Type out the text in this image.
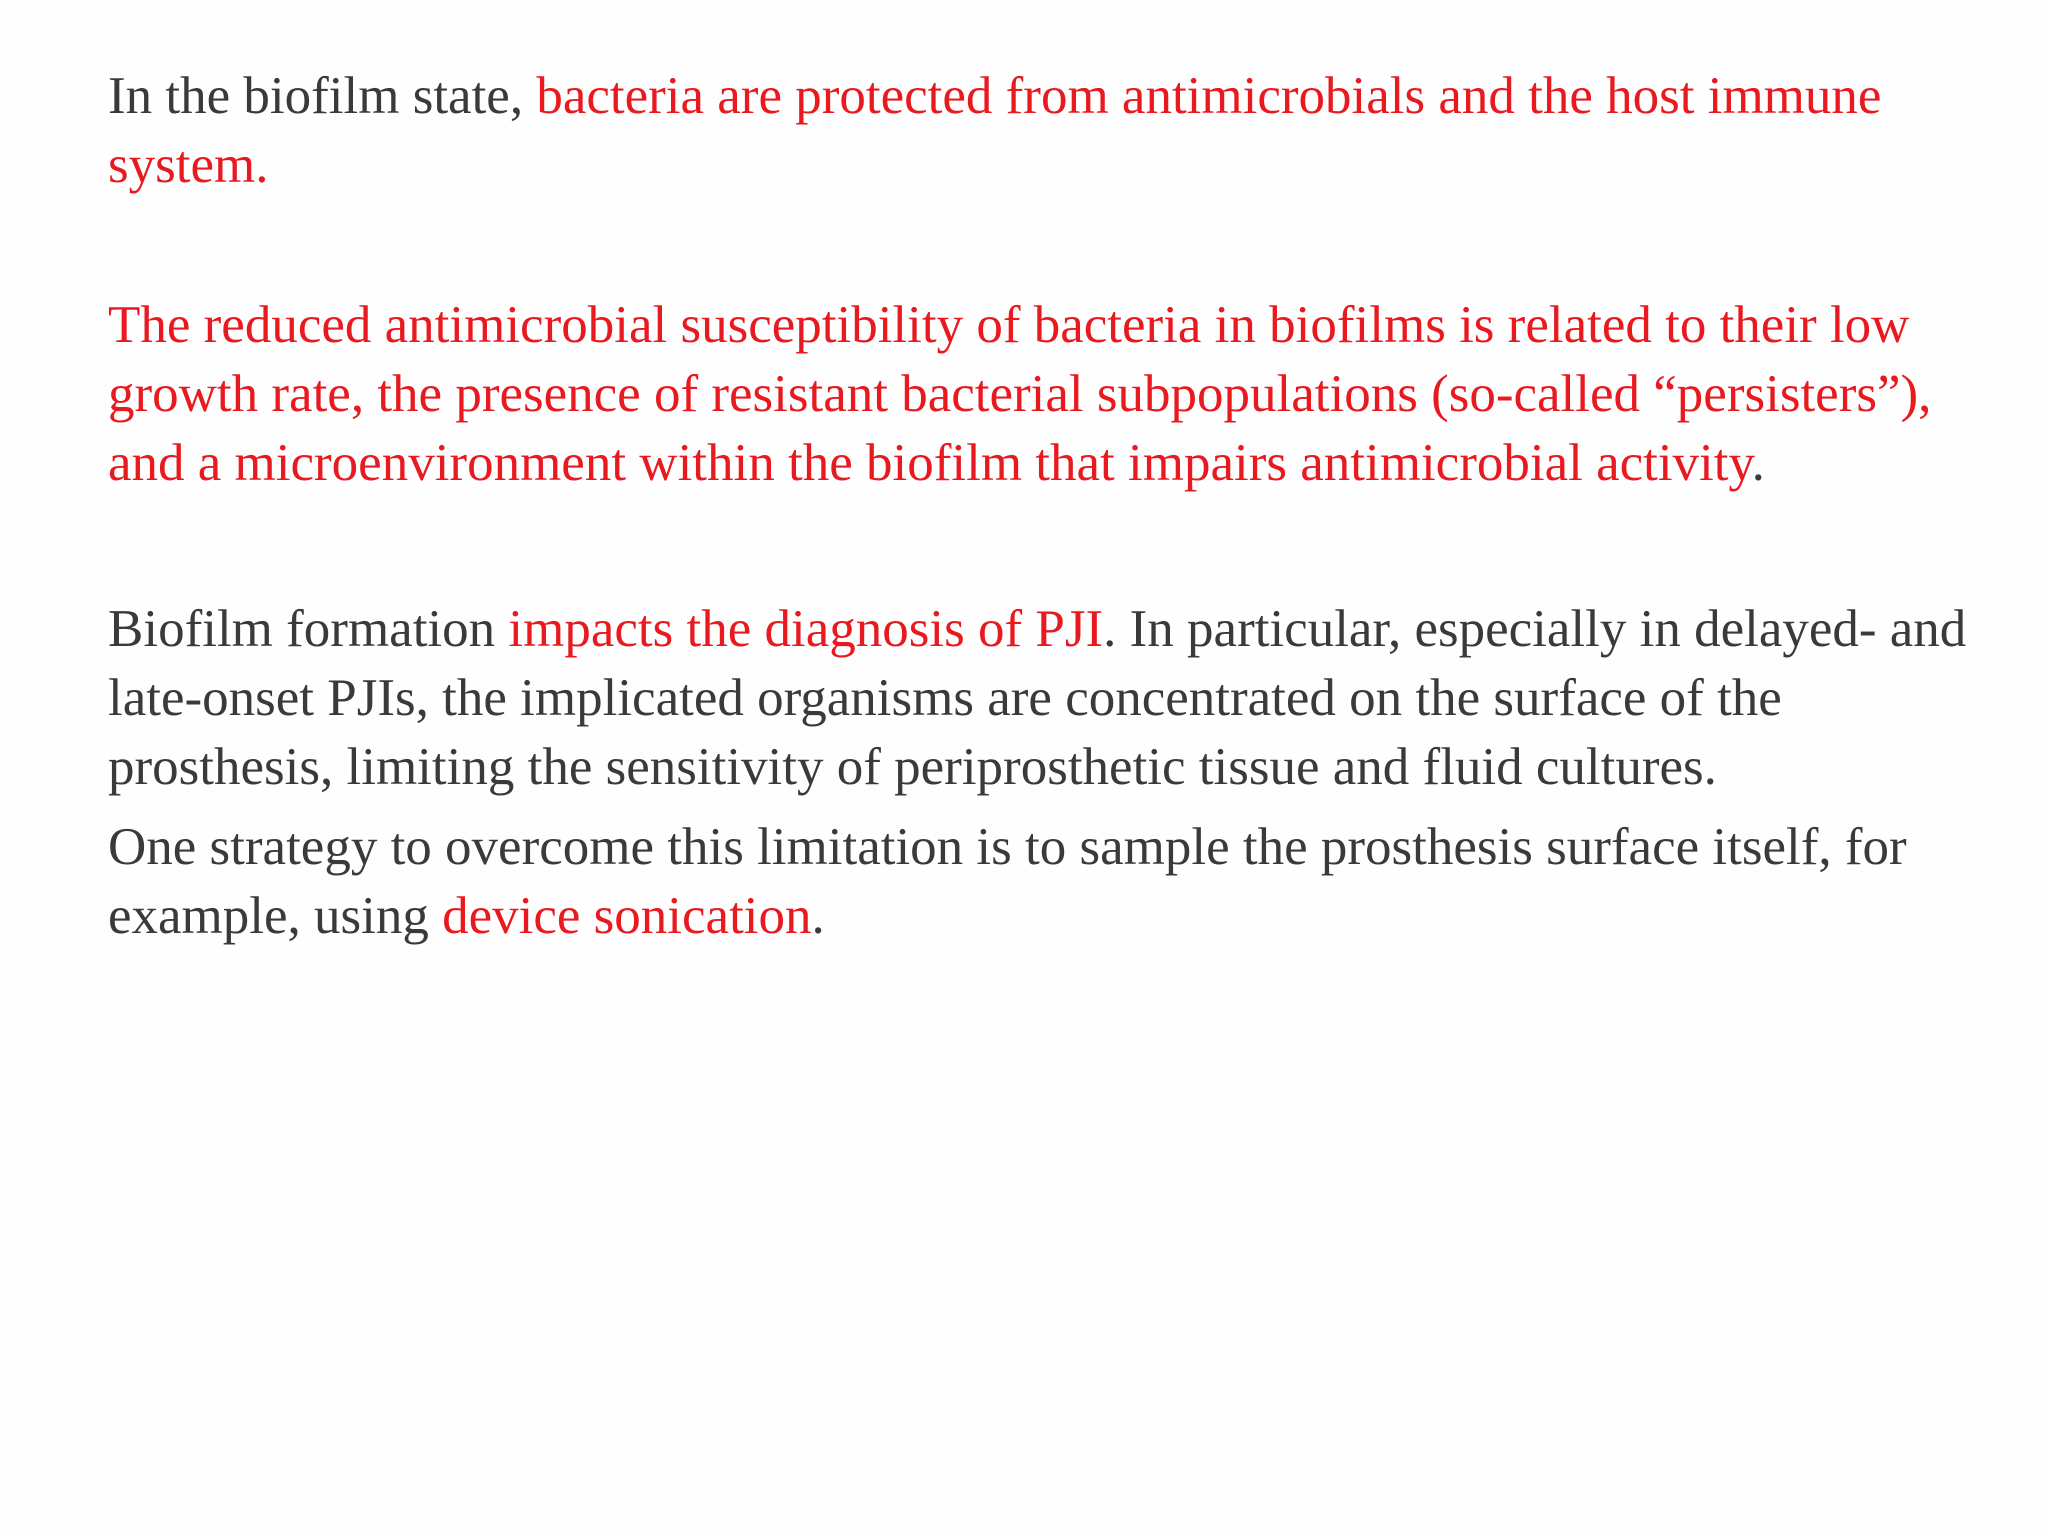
In the biofilm state, bacteria are protected from antimicrobials and the host immune system.

The reduced antimicrobial susceptibility of bacteria in biofilms is related to their low growth rate, the presence of resistant bacterial subpopulations (so-called “persisters”), and a microenvironment within the biofilm that impairs antimicrobial activity.

Biofilm formation impacts the diagnosis of PJI. In particular, especially in delayed- and late-onset PJIs, the implicated organisms are concentrated on the surface of the prosthesis, limiting the sensitivity of periprosthetic tissue and fluid cultures.

One strategy to overcome this limitation is to sample the prosthesis surface itself, for example, using device sonication.
